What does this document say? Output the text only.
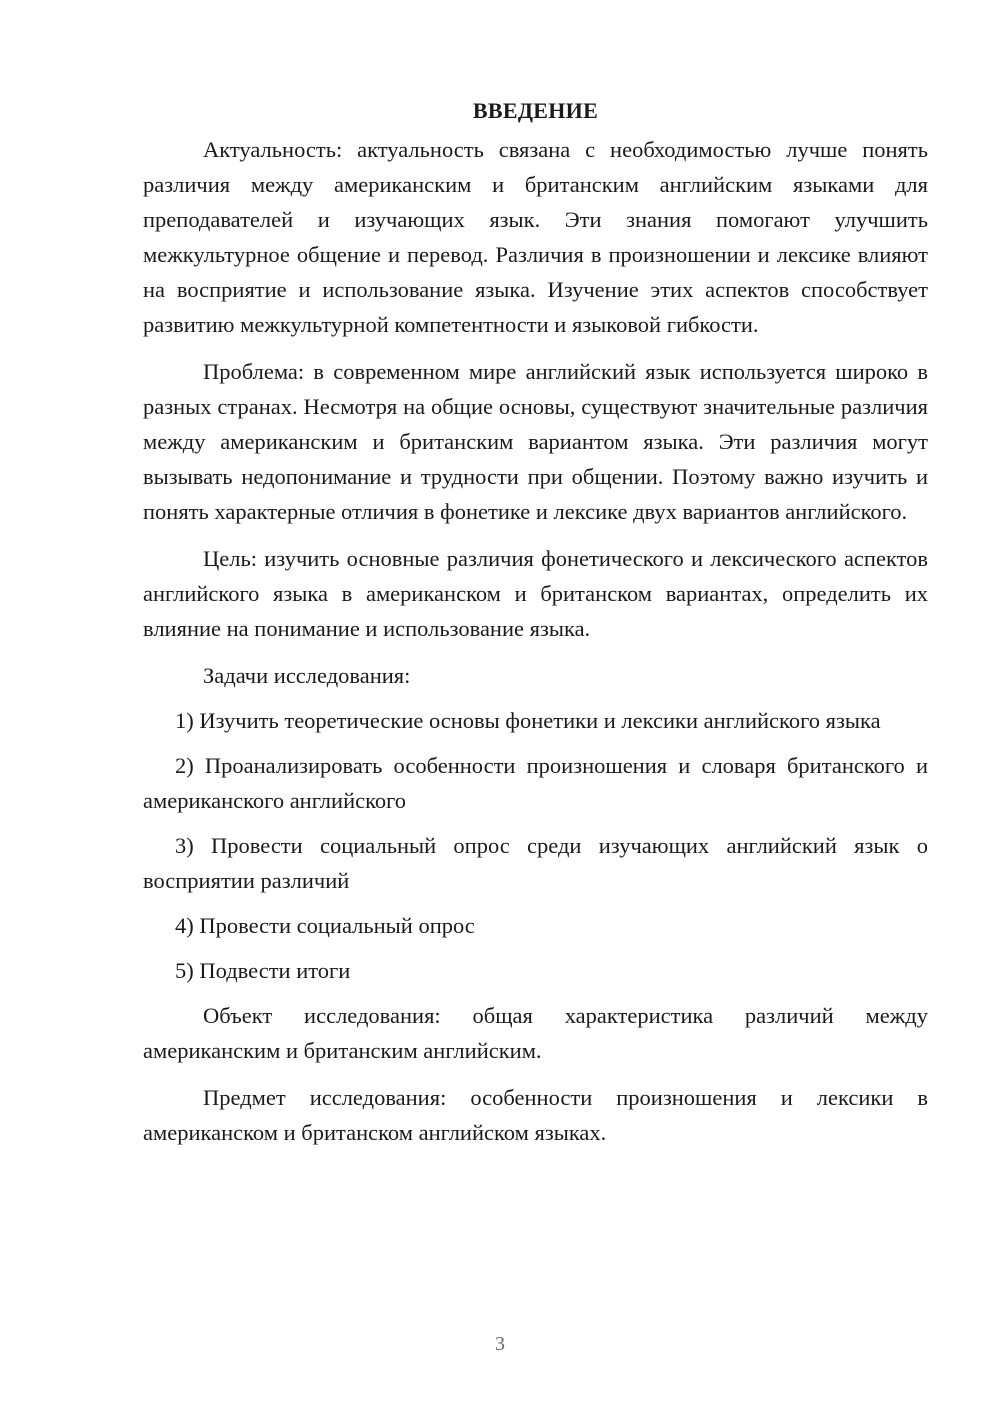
ВВЕДЕНИЕ

Актуальность: актуальность связана с необходимостью лучше понять различия между американским и британским английским языками для преподавателей и изучающих язык. Эти знания помогают улучшить межкультурное общение и перевод. Различия в произношении и лексике влияют на восприятие и использование языка. Изучение этих аспектов способствует развитию межкультурной компетентности и языковой гибкости.

Проблема: в современном мире английский язык используется широко в разных странах. Несмотря на общие основы, существуют значительные различия между американским и британским вариантом языка. Эти различия могут вызывать недопонимание и трудности при общении. Поэтому важно изучить и понять характерные отличия в фонетике и лексике двух вариантов английского.

Цель: изучить основные различия фонетического и лексического аспектов английского языка в американском и британском вариантах, определить их влияние на понимание и использование языка.

Задачи исследования:

1) Изучить теоретические основы фонетики и лексики английского языка

2) Проанализировать особенности произношения и словаря британского и американского английского

3) Провести социальный опрос среди изучающих английский язык о восприятии различий

4) Провести социальный опрос

5) Подвести итоги

Объект исследования: общая характеристика различий между американским и британским английским.

Предмет исследования: особенности произношения и лексики в американском и британском английском языках.

3
